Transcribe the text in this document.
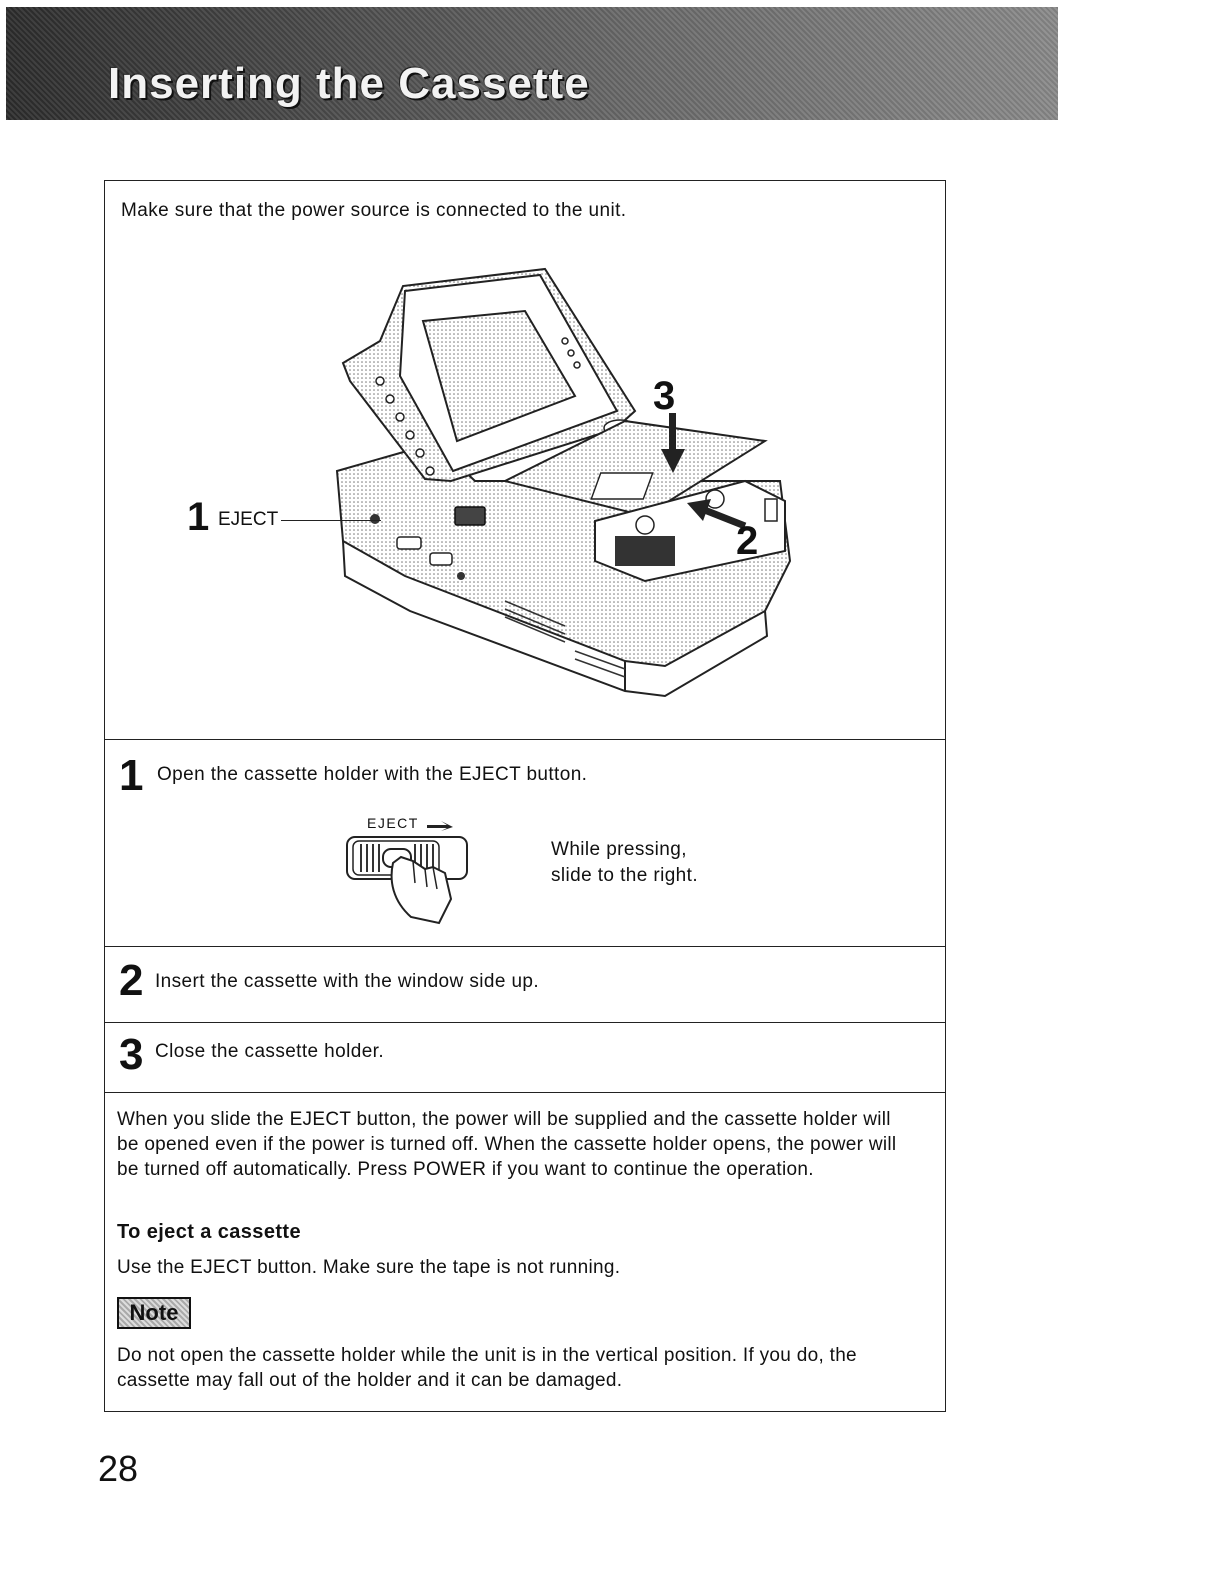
Inserting the Cassette
Make sure that the power source is connected to the unit.
1 EJECT
3
2
1 Open the cassette holder with the EJECT button.
EJECT
While pressing,
slide to the right.
2 Insert the cassette with the window side up.
3 Close the cassette holder.
When you slide the EJECT button, the power will be supplied and the cassette holder will be opened even if the power is turned off. When the cassette holder opens, the power will be turned off automatically. Press POWER if you want to continue the operation.
To eject a cassette
Use the EJECT button. Make sure the tape is not running.
Note
Do not open the cassette holder while the unit is in the vertical position. If you do, the cassette may fall out of the holder and it can be damaged.
28
